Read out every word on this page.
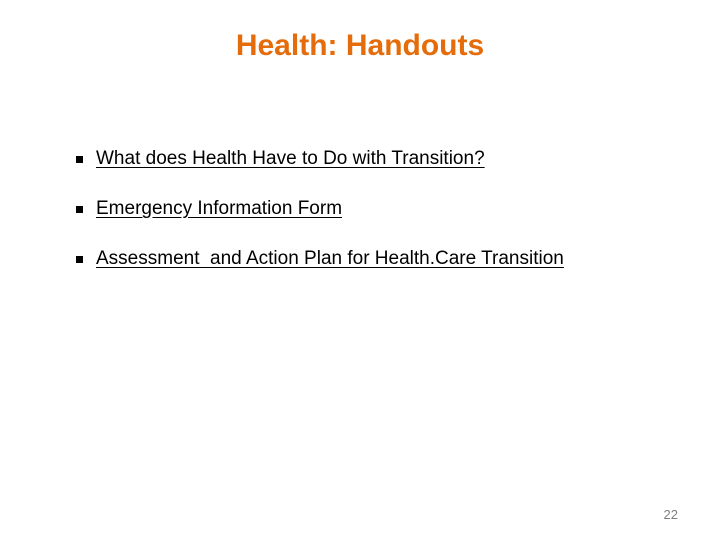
Health: Handouts
What does Health Have to Do with Transition?
Emergency Information Form
Assessment  and Action Plan for Health.Care Transition
22
